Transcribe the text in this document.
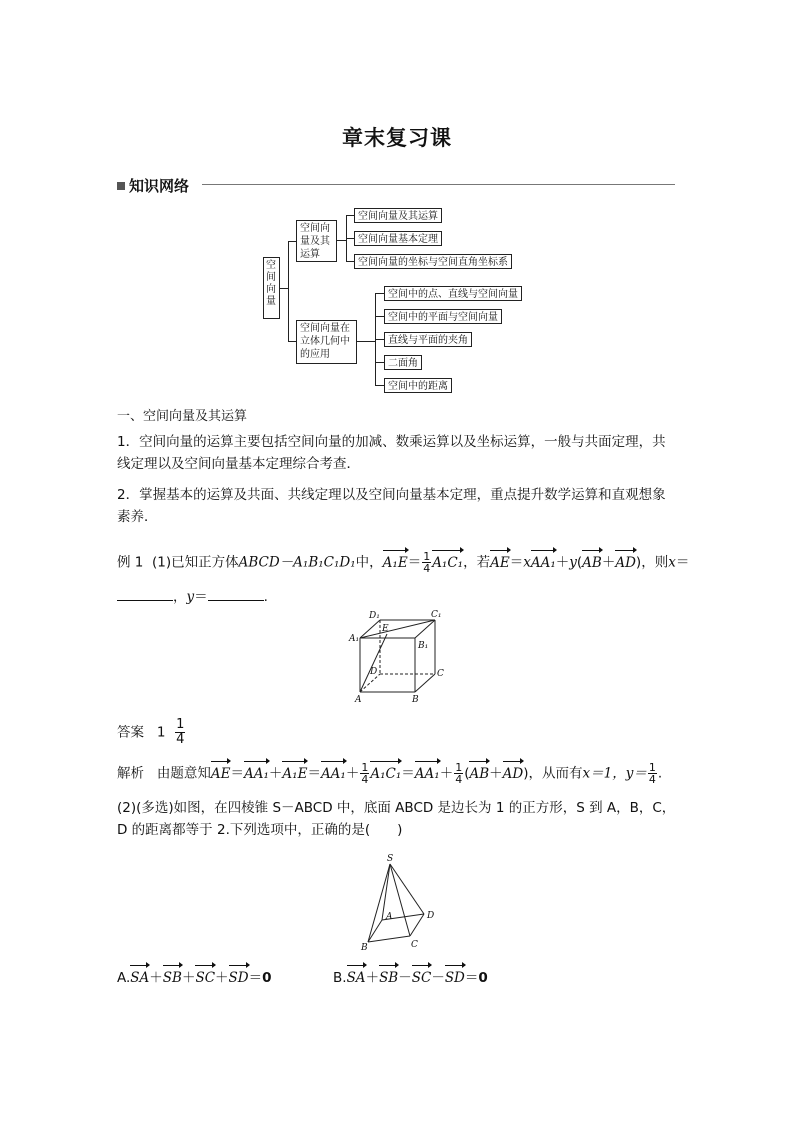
章末复习课
知识网络
空间向量
空间向量及其运算
空间向量及其运算
空间向量基本定理
空间向量的坐标与空间直角坐标系
空间向量在立体几何中的应用
空间中的点、直线与空间向量
空间中的平面与空间向量
直线与平面的夹角
二面角
空间中的距离
一、空间向量及其运算
1．空间向量的运算主要包括空间向量的加减、数乘运算以及坐标运算，一般与共面定理，共线定理以及空间向量基本定理综合考查．
2．掌握基本的运算及共面、共线定理以及空间向量基本定理，重点提升数学运算和直观想象素养．
例 1 (1)已知正方体ABCD－A₁B₁C₁D₁中，$A_1E= \frac{1}{4} A_1C_1$，若AE＝xAA₁＋y(AB＋AD)，则x＝
，y＝	.
D₁	C₁
A₁
B₁
E
D	C
A	B
答案 $1 \frac{1}{4}$
解析 由题意知$AE=AA_1+A_1E=AA_1+ \frac{1}{4} A_1C_1=AA_1+ \frac{1}{4} (AB+AD)$，从而有x＝1，$y= \frac{1}{4}$ .
(2)(多选)如图，在四棱锥 S－ABCD 中，底面 ABCD 是边长为 1 的正方形，S 到 A，B，C，D 的距离都等于 2.下列选项中，正确的是(　　)
S
A	D
B	C
A.SA＋SB＋SC＋SD＝0	B.SA＋SB－SC－SD＝0
